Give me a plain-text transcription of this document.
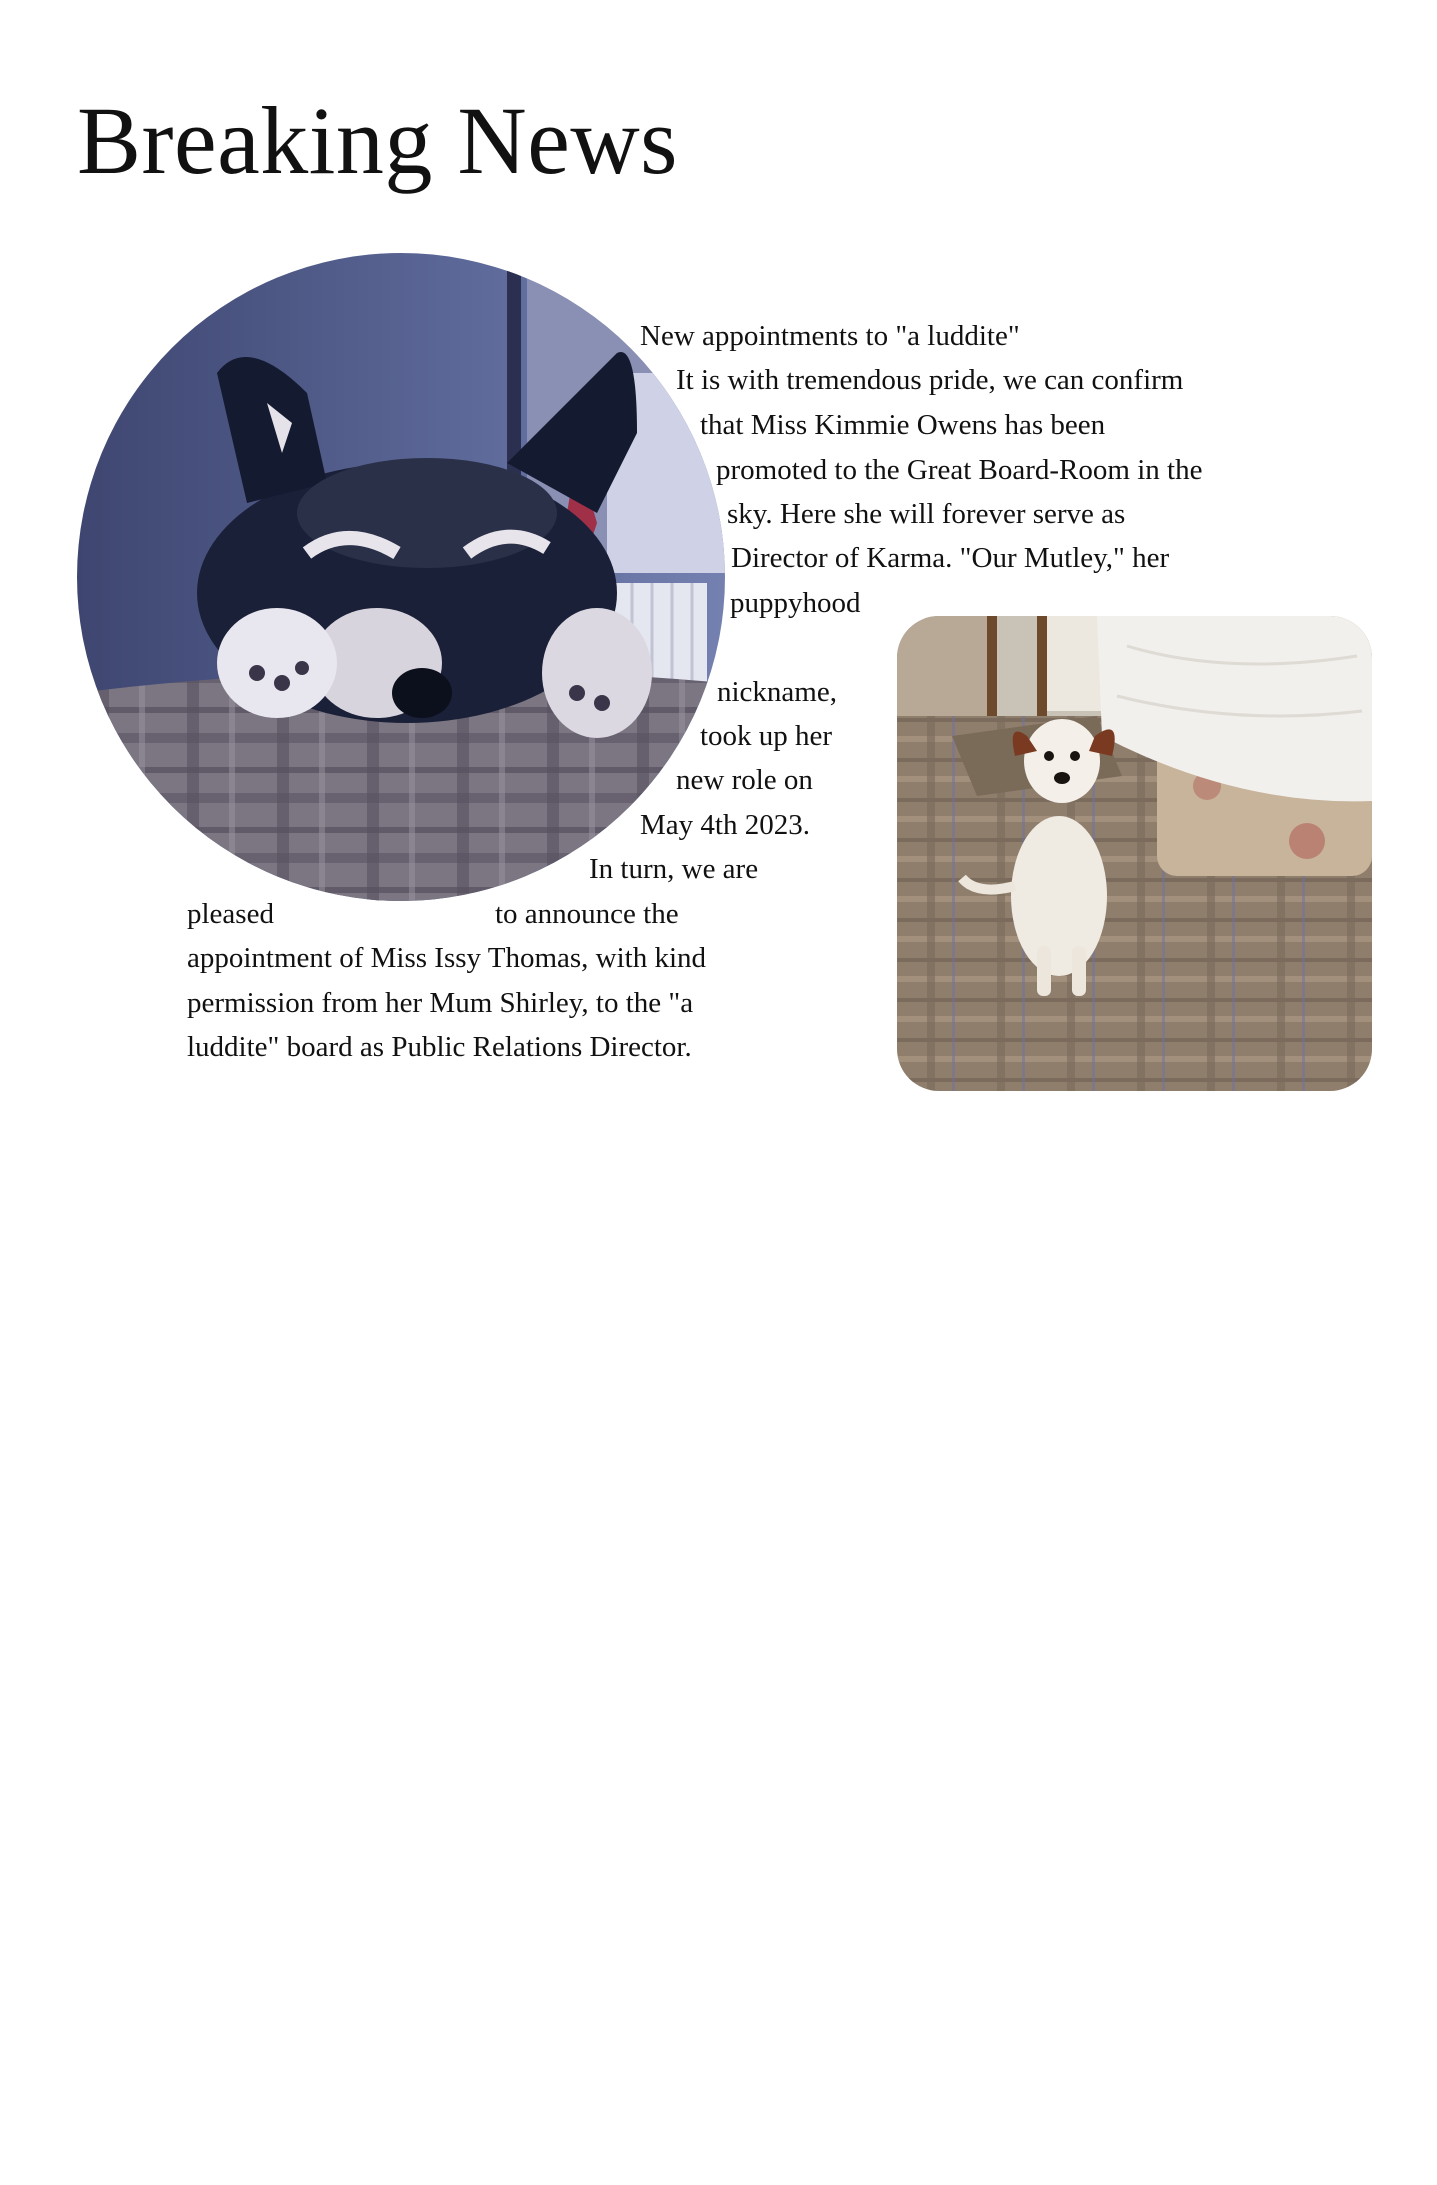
Breaking News
New appointments to "a luddite"
It is with tremendous pride, we can confirm
that Miss Kimmie Owens has been
promoted to the Great Board-Room in the
sky. Here she will forever serve as
Director of Karma. "Our Mutley," her
puppyhood
nickname,
took up her
new role on
May 4th 2023.
In turn, we are
pleased	to announce the
appointment of Miss Issy Thomas, with kind
permission from her Mum Shirley, to the "a
luddite" board as Public Relations Director.
